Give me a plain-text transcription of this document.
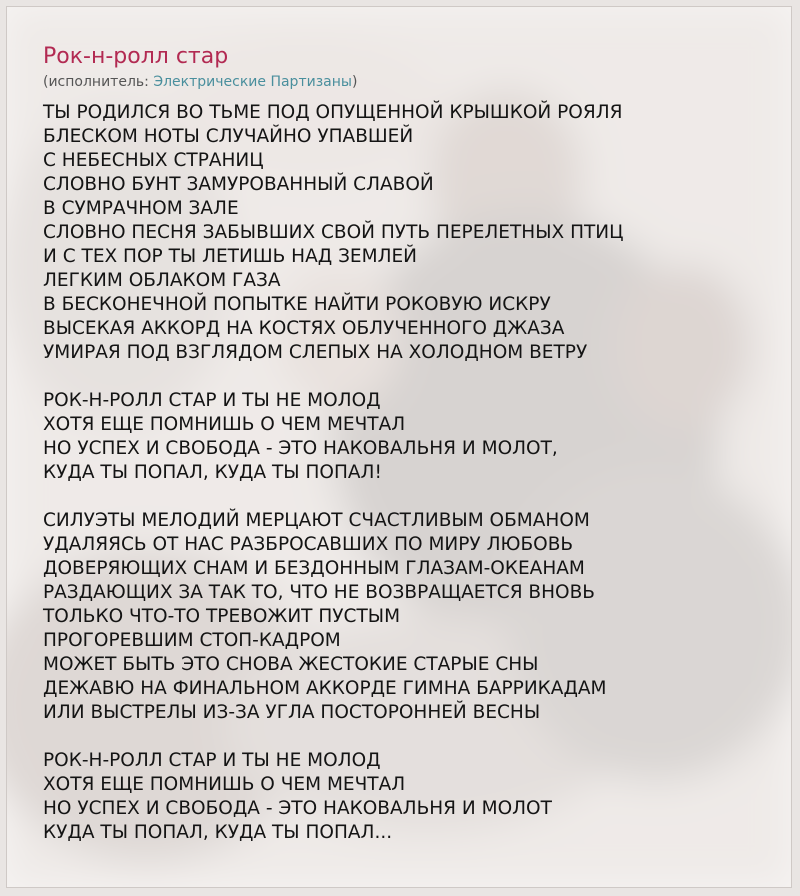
Рок-н-ролл стар
(исполнитель: Электрические Партизаны)
ТЫ РОДИЛСЯ ВО ТЬМЕ ПОД ОПУЩЕННОЙ КРЫШКОЙ РОЯЛЯ
БЛЕСКОМ НОТЫ СЛУЧАЙНО УПАВШЕЙ
С НЕБЕСНЫХ СТРАНИЦ
СЛОВНО БУНТ ЗАМУРОВАННЫЙ СЛАВОЙ
В СУМРАЧНОМ ЗАЛЕ
СЛОВНО ПЕСНЯ ЗАБЫВШИХ СВОЙ ПУТЬ ПЕРЕЛЕТНЫХ ПТИЦ
И С ТЕХ ПОР ТЫ ЛЕТИШЬ НАД ЗЕМЛЕЙ
ЛЕГКИМ ОБЛАКОМ ГАЗА
В БЕСКОНЕЧНОЙ ПОПЫТКЕ НАЙТИ РОКОВУЮ ИСКРУ
ВЫСЕКАЯ АККОРД НА КОСТЯХ ОБЛУЧЕННОГО ДЖАЗА
УМИРАЯ ПОД ВЗГЛЯДОМ СЛЕПЫХ НА ХОЛОДНОМ ВЕТРУ
РОК-Н-РОЛЛ СТАР И ТЫ НЕ МОЛОД
ХОТЯ ЕЩЕ ПОМНИШЬ О ЧЕМ МЕЧТАЛ
НО УСПЕХ И СВОБОДА - ЭТО НАКОВАЛЬНЯ И МОЛОТ,
КУДА ТЫ ПОПАЛ, КУДА ТЫ ПОПАЛ!
СИЛУЭТЫ МЕЛОДИЙ МЕРЦАЮТ СЧАСТЛИВЫМ ОБМАНОМ
УДАЛЯЯСЬ ОТ НАС РАЗБРОСАВШИХ ПО МИРУ ЛЮБОВЬ
ДОВЕРЯЮЩИХ СНАМ И БЕЗДОННЫМ ГЛАЗАМ-ОКЕАНАМ
РАЗДАЮЩИХ ЗА ТАК ТО, ЧТО НЕ ВОЗВРАЩАЕТСЯ ВНОВЬ
ТОЛЬКО ЧТО-ТО ТРЕВОЖИТ ПУСТЫМ
ПРОГОРЕВШИМ СТОП-КАДРОМ
МОЖЕТ БЫТЬ ЭТО СНОВА ЖЕСТОКИЕ СТАРЫЕ СНЫ
ДЕЖАВЮ НА ФИНАЛЬНОМ АККОРДЕ ГИМНА БАРРИКАДАМ
ИЛИ ВЫСТРЕЛЫ ИЗ-ЗА УГЛА ПОСТОРОННЕЙ ВЕСНЫ
РОК-Н-РОЛЛ СТАР И ТЫ НЕ МОЛОД
ХОТЯ ЕЩЕ ПОМНИШЬ О ЧЕМ МЕЧТАЛ
НО УСПЕХ И СВОБОДА - ЭТО НАКОВАЛЬНЯ И МОЛОТ
КУДА ТЫ ПОПАЛ, КУДА ТЫ ПОПАЛ...
